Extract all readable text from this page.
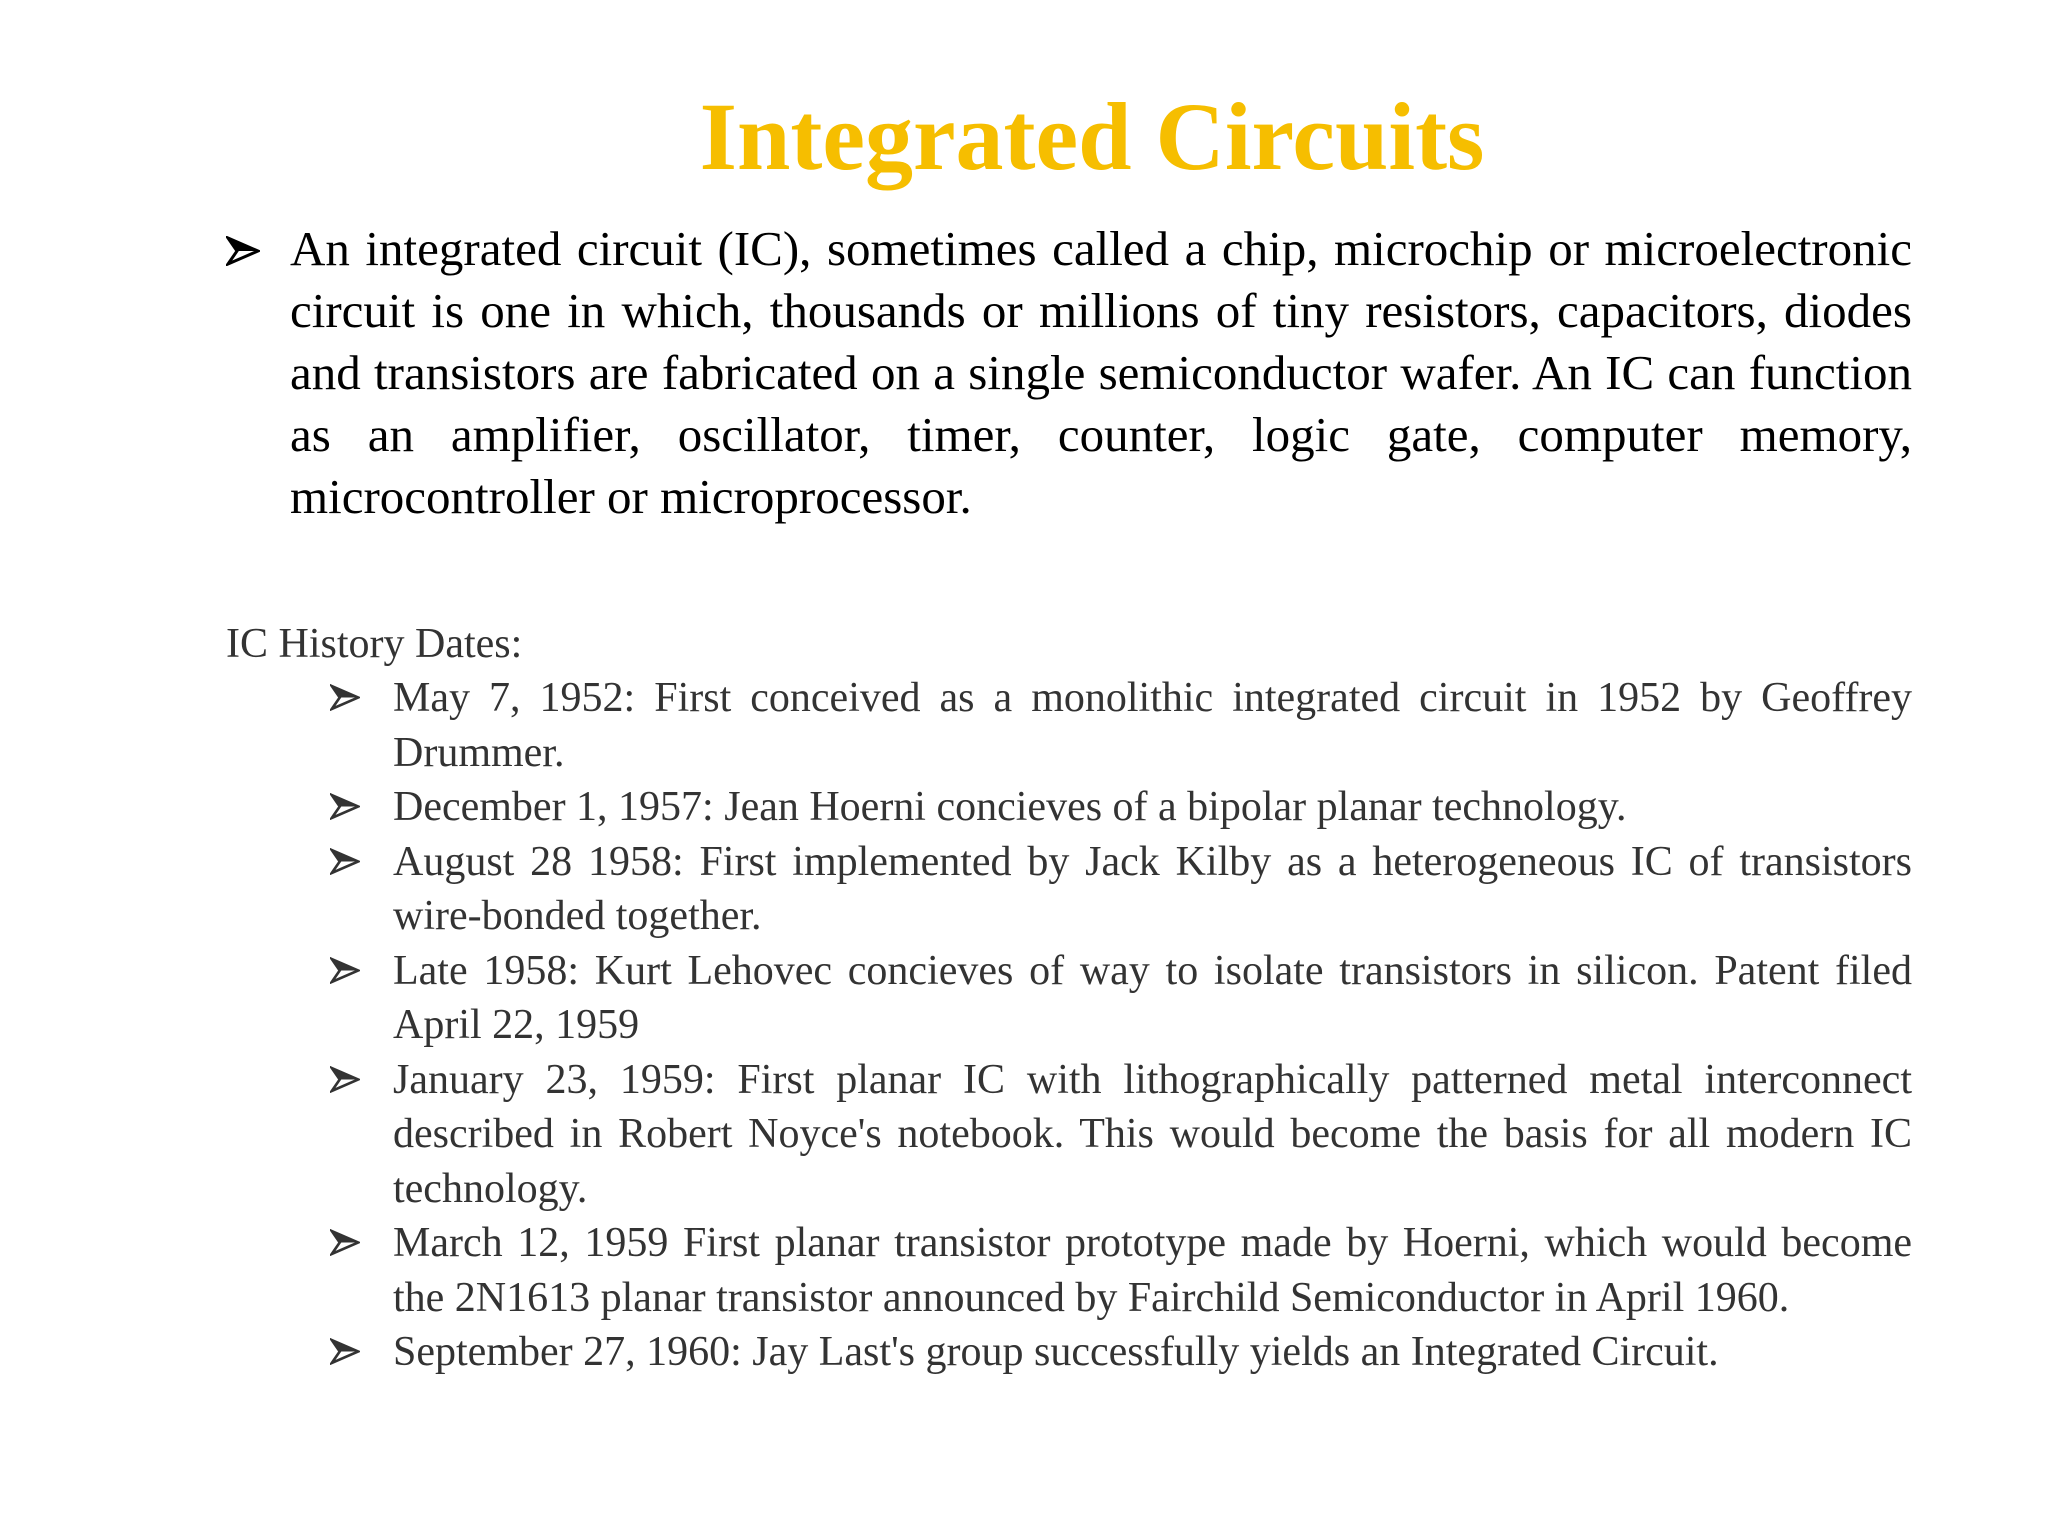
Integrated Circuits
An integrated circuit (IC), sometimes called a chip, microchip or microelectronic circuit is one in which, thousands or millions of tiny resistors, capacitors, diodes and transistors are fabricated on a single semiconductor wafer. An IC can function as an amplifier, oscillator, timer, counter, logic gate, computer memory, microcontroller or microprocessor.

IC History Dates:

May 7, 1952: First conceived as a monolithic integrated circuit in 1952 by Geoffrey Drummer.
December 1, 1957: Jean Hoerni concieves of a bipolar planar technology.
August 28 1958: First implemented by Jack Kilby as a heterogeneous IC of transistors wire-bonded together.
Late 1958: Kurt Lehovec concieves of way to isolate transistors in silicon. Patent filed April 22, 1959
January 23, 1959: First planar IC with lithographically patterned metal interconnect described in Robert Noyce's notebook. This would become the basis for all modern IC technology.
March 12, 1959 First planar transistor prototype made by Hoerni, which would become the 2N1613 planar transistor announced by Fairchild Semiconductor in April 1960.
September 27, 1960: Jay Last's group successfully yields an Integrated Circuit.
